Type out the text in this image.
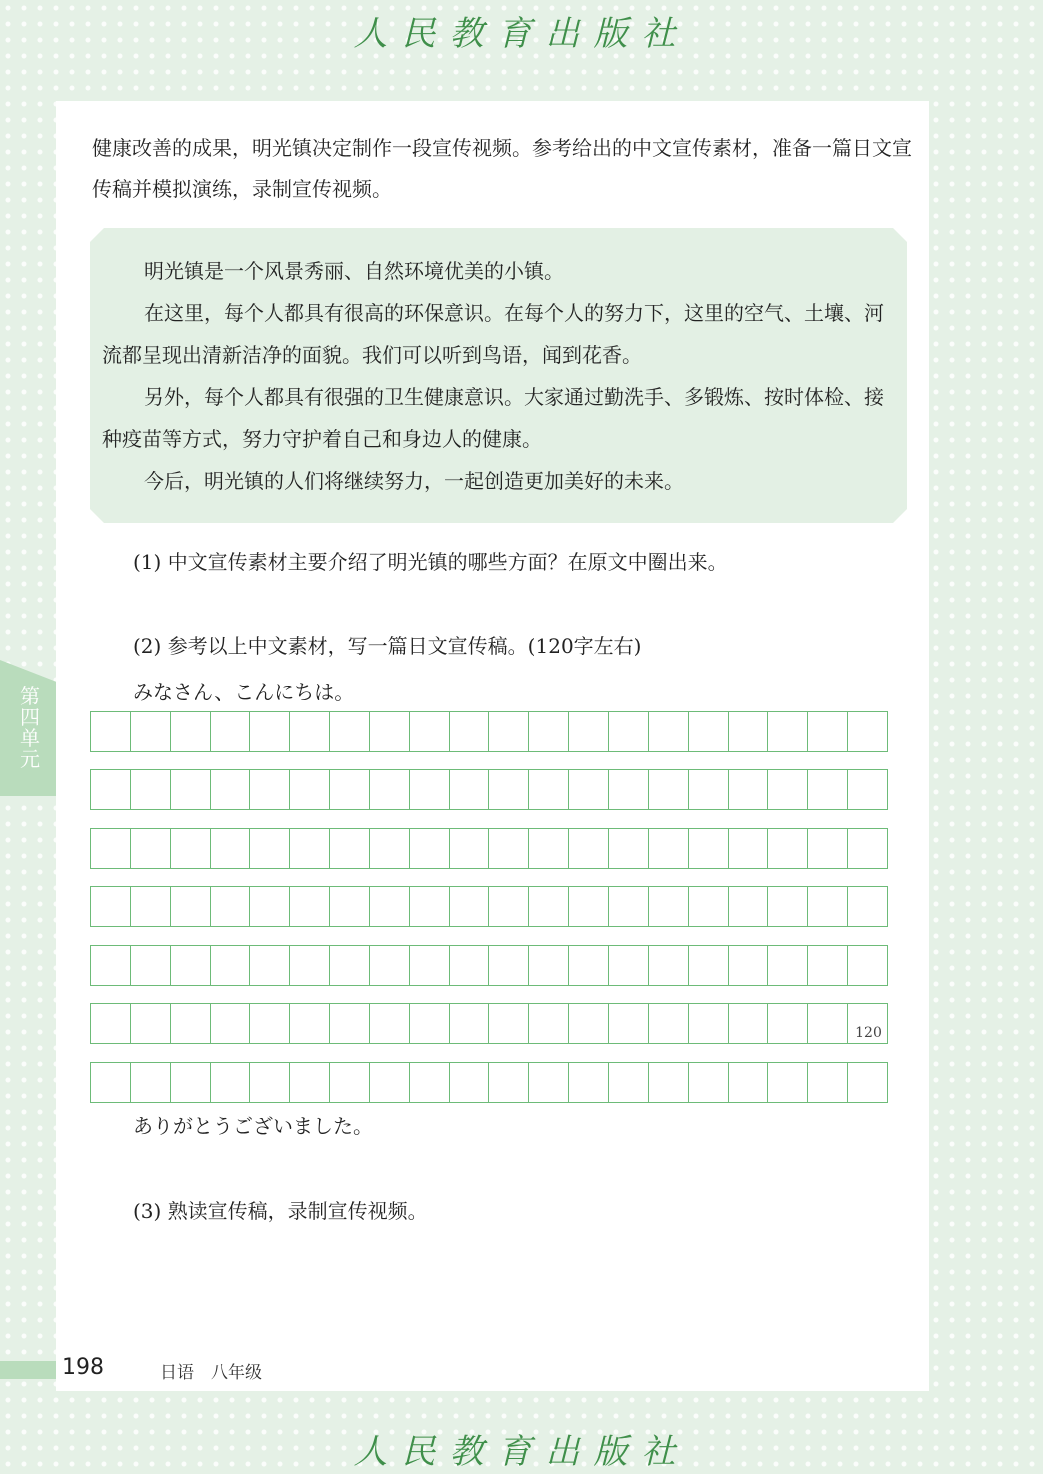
人民教育出版社
第四单元

健康改善的成果，明光镇决定制作一段宣传视频。参考给出的中文宣传素材，准备一篇日文宣传稿并模拟演练，录制宣传视频。

明光镇是一个风景秀丽、自然环境优美的小镇。

在这里，每个人都具有很高的环保意识。在每个人的努力下，这里的空气、土壤、河流都呈现出清新洁净的面貌。我们可以听到鸟语，闻到花香。

另外，每个人都具有很强的卫生健康意识。大家通过勤洗手、多锻炼、按时体检、接种疫苗等方式，努力守护着自己和身边人的健康。

今后，明光镇的人们将继续努力，一起创造更加美好的未来。

(1) 中文宣传素材主要介绍了明光镇的哪些方面？在原文中圈出来。

(2) 参考以上中文素材，写一篇日文宣传稿。(120字左右)

みなさん、こんにちは。
120
ありがとうございました。

(3) 熟读宣传稿，录制宣传视频。

198	日语　八年级
人民教育出版社
